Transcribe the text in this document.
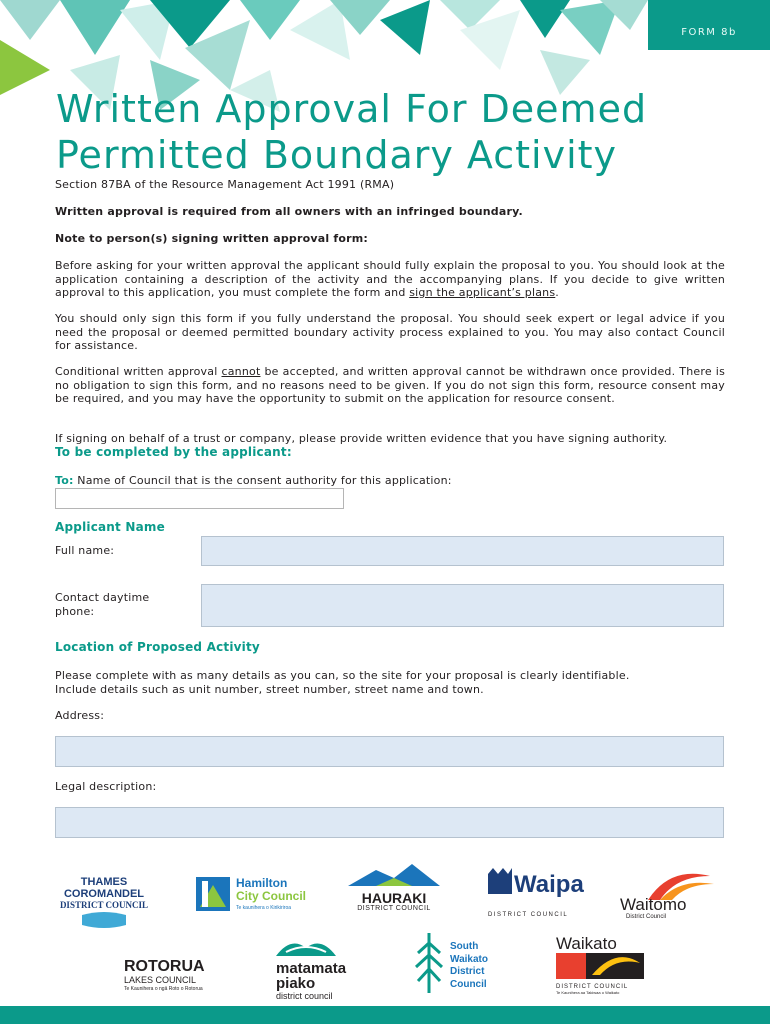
FORM 8b
Written Approval For Deemed
Permitted Boundary Activity
Section 87BA of the Resource Management Act 1991 (RMA)
Written approval is required from all owners with an infringed boundary.
Note to person(s) signing written approval form:
Before asking for your written approval the applicant should fully explain the proposal to you. You should look at the application containing a description of the activity and the accompanying plans. If you decide to give written approval to this application, you must complete the form and sign the applicant’s plans.
You should only sign this form if you fully understand the proposal. You should seek expert or legal advice if you need the proposal or deemed permitted boundary activity process explained to you. You may also contact Council for assistance.
Conditional written approval cannot be accepted, and written approval cannot be withdrawn once provided. There is no obligation to sign this form, and no reasons need to be given. If you do not sign this form, resource consent may be required, and you may have the opportunity to submit on the application for resource consent.
If signing on behalf of a trust or company, please provide written evidence that you have signing authority.
To be completed by the applicant:
To: Name of Council that is the consent authority for this application:
Applicant Name
Full name:
Contact daytime
phone:
Location of Proposed Activity
Please complete with as many details as you can, so the site for your proposal is clearly identifiable.
Include details such as unit number, street number, street name and town.
Address:
Legal description:
THAMES
COROMANDEL
DISTRICT COUNCIL
Hamilton
City Council
Te kaunihera o Kirikiriroa
HAURAKI
DISTRICT COUNCIL
Waipa
DISTRICT COUNCIL
Waitomo
District Council
ROTORUA
LAKES COUNCIL
Te Kaunihera o ngā Roto o Rotorua
matamata
piako
district council
South
Waikato
District
Council
Waikato
DISTRICT COUNCIL
Te Kaunihera aa Takiwaa o Waikato
